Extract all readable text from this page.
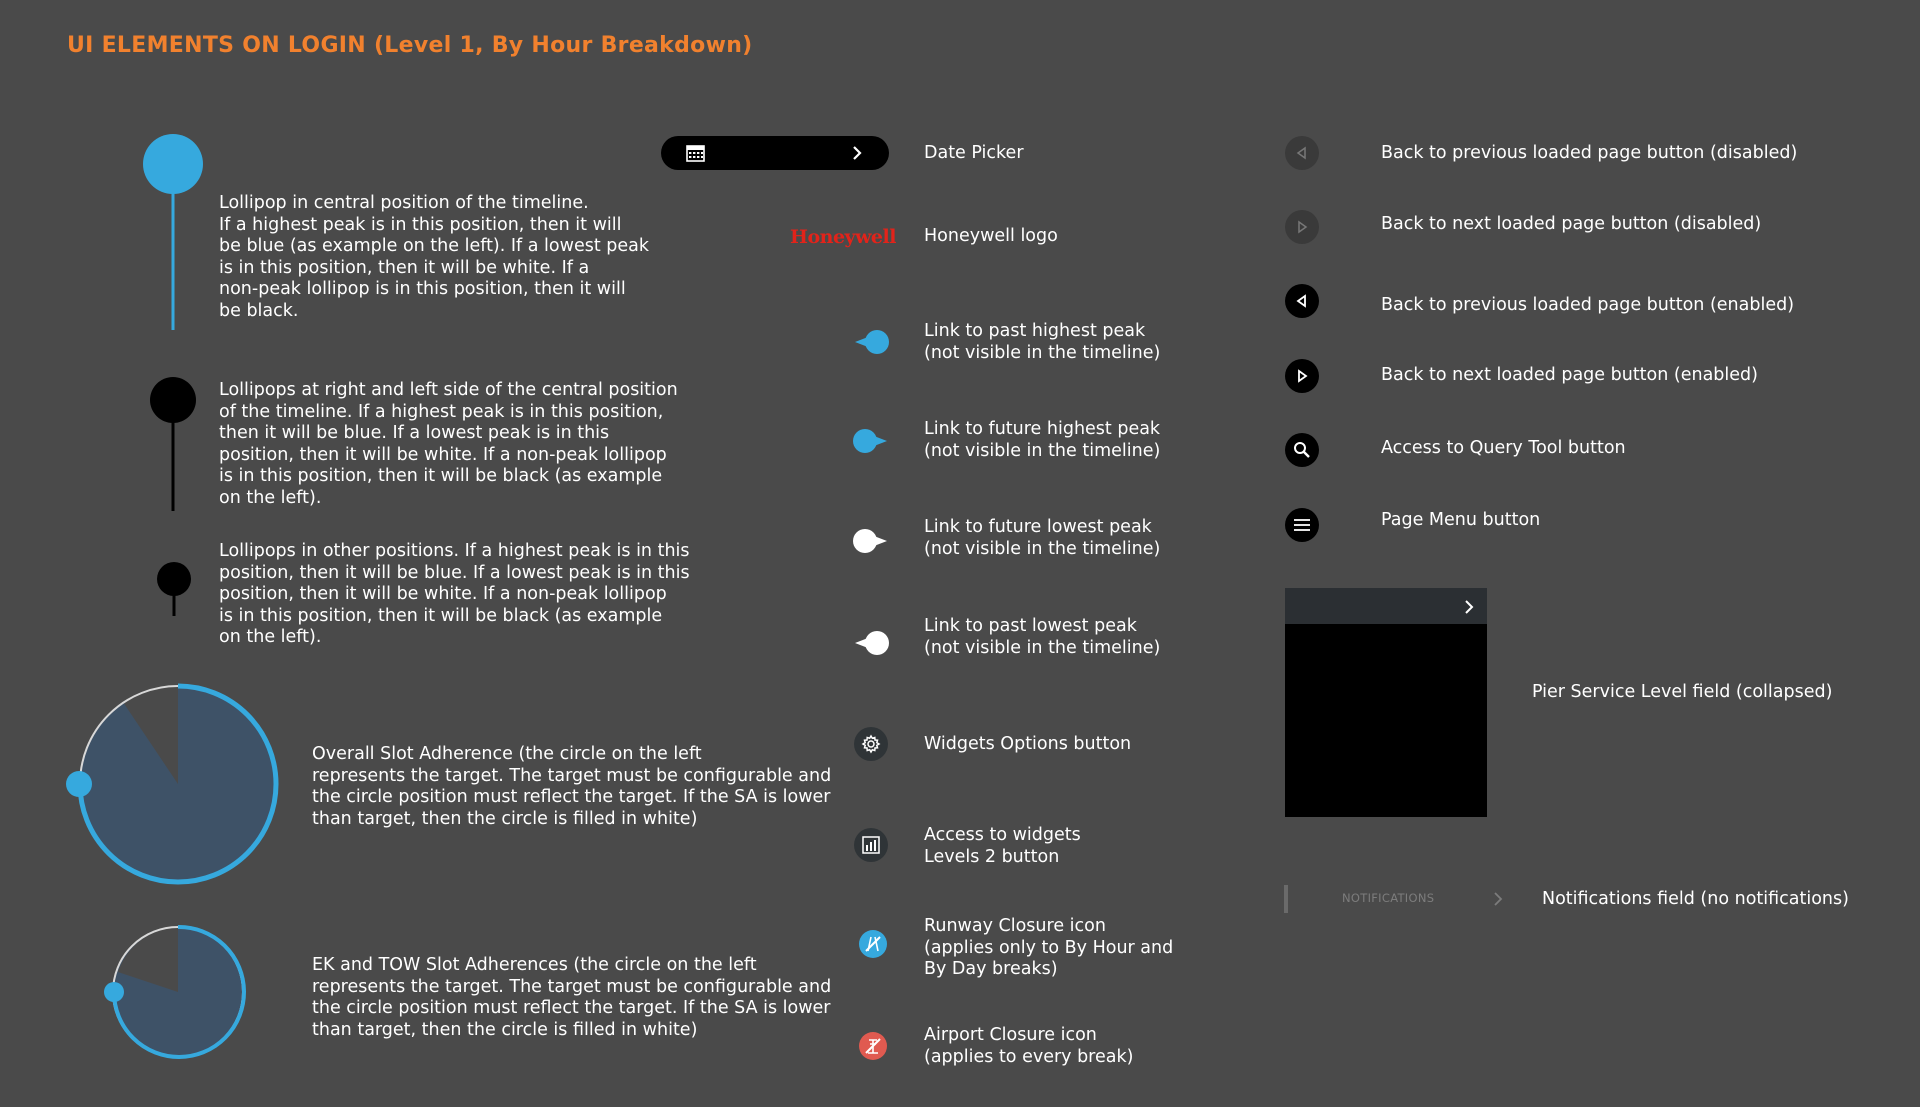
UI ELEMENTS ON LOGIN (Level 1, By Hour Breakdown)
Lollipop in central position of the timeline.
If a highest peak is in this position, then it will
be blue (as example on the left). If a lowest peak
is in this position, then it will be white. If a
non-peak lollipop is in this position, then it will
be black.
Lollipops at right and left side of the central position
of the timeline. If a highest peak is in this position,
then it will be blue. If a lowest peak is in this
position, then it will be white. If a non-peak lollipop
is in this position, then it will be black (as example
on the left).
Lollipops in other positions. If a highest peak is in this
position, then it will be blue. If a lowest peak is in this
position, then it will be white. If a non-peak lollipop
is in this position, then it will be black (as example
on the left).
Overall Slot Adherence (the circle on the left
represents the target. The target must be configurable and
the circle position must reflect the target. If the SA is lower
than target, then the circle is filled in white)
EK and TOW Slot Adherences (the circle on the left
represents the target. The target must be configurable and
the circle position must reflect the target. If the SA is lower
than target, then the circle is filled in white)
Date Picker
Honeywell Honeywell logo
Link to past highest peak
(not visible in the timeline)
Link to future highest peak
(not visible in the timeline)
Link to future lowest peak
(not visible in the timeline)
Link to past lowest peak
(not visible in the timeline)
Widgets Options button
Access to widgets
Levels 2 button
Runway Closure icon
(applies only to By Hour and
By Day breaks)
Airport Closure icon
(applies to every break)
Back to previous loaded page button (disabled)
Back to next loaded page button (disabled)
Back to previous loaded page button (enabled)
Back to next loaded page button (enabled)
Access to Query Tool button
Page Menu button
Pier Service Level field (collapsed)
NOTIFICATIONS	Notifications field (no notifications)
